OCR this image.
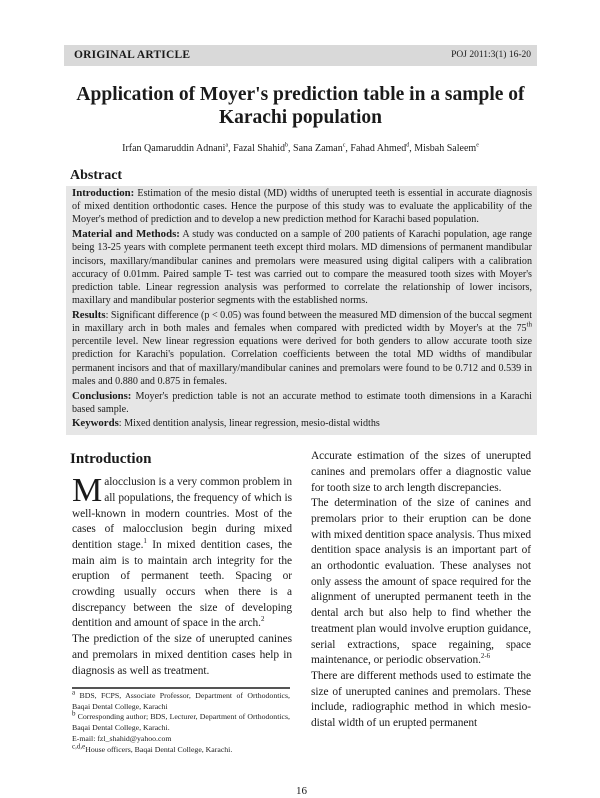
ORIGINAL ARTICLE	POJ 2011:3(1) 16-20
Application of Moyer's prediction table in a sample of Karachi population
Irfan Qamaruddin Adnani$^a$, Fazal Shahid$^b$, Sana Zaman$^c$, Fahad Ahmed$^d$, Misbah Saleem$^e$
Abstract

Introduction: Estimation of the mesio distal (MD) widths of unerupted teeth is essential in accurate diagnosis of mixed dentition orthodontic cases. Hence the purpose of this study was to evaluate the applicability of the Moyer's method of prediction and to develop a new prediction method for Karachi based population.

Material and Methods: A study was conducted on a sample of 200 patients of Karachi population, age range being 13-25 years with complete permanent teeth except third molars. MD dimensions of permanent mandibular incisors, maxillary/mandibular canines and premolars were measured using digital calipers with a calibration accuracy of 0.01mm. Paired sample T- test was carried out to compare the measured tooth sizes with Moyer's prediction table. Linear regression analysis was performed to correlate the relationship of lower incisors, maxillary and mandibular posterior segments with the established norms.

Results: Significant difference (p < 0.05) was found between the measured MD dimension of the buccal segment in maxillary arch in both males and females when compared with predicted width by Moyer's at the 75th percentile level. New linear regression equations were derived for both genders to allow accurate tooth size prediction for Karachi's population. Correlation coefficients between the total MD widths of mandibular permanent incisors and that of maxillary/mandibular canines and premolars were found to be 0.712 and 0.539 in males and 0.880 and 0.875 in females.

Conclusions: Moyer's prediction table is not an accurate method to estimate tooth dimensions in a Karachi based sample.

Keywords: Mixed dentition analysis, linear regression, mesio-distal widths

Introduction

Malocclusion is a very common problem in all populations, the frequency of which is well-known in modern countries. Most of the cases of malocclusion begin during mixed dentition stage.$^1$ In mixed dentition cases, the main aim is to maintain arch integrity for the eruption of permanent teeth. Spacing or crowding usually occurs when there is a discrepancy between the size of developing dentition and amount of space in the arch.$^2$

The prediction of the size of unerupted canines and premolars in mixed dentition cases help in diagnosis as well as treatment.

$^a$ BDS, FCPS, Associate Professor, Department of Orthodontics, Baqai Dental College, Karachi

$^b$ Corresponding author; BDS, Lecturer, Department of Orthodontics, Baqai Dental College, Karachi.

E-mail: fzl_shahid@yahoo.com

$^{c,d,e}$House officers, Baqai Dental College, Karachi.

Accurate estimation of the sizes of unerupted canines and premolars offer a diagnostic value for tooth size to arch length discrepancies.

The determination of the size of canines and premolars prior to their eruption can be done with mixed dentition space analysis. Thus mixed dentition space analysis is an important part of an orthodontic evaluation. These analyses not only assess the amount of space required for the alignment of unerupted permanent teeth in the dental arch but also help to find whether the treatment plan would involve eruption guidance, serial extractions, space regaining, space maintenance, or periodic observation.$^{2-6}$

There are different methods used to estimate the size of unerupted canines and premolars. These include, radiographic method in which mesio-distal width of un erupted permanent

16
